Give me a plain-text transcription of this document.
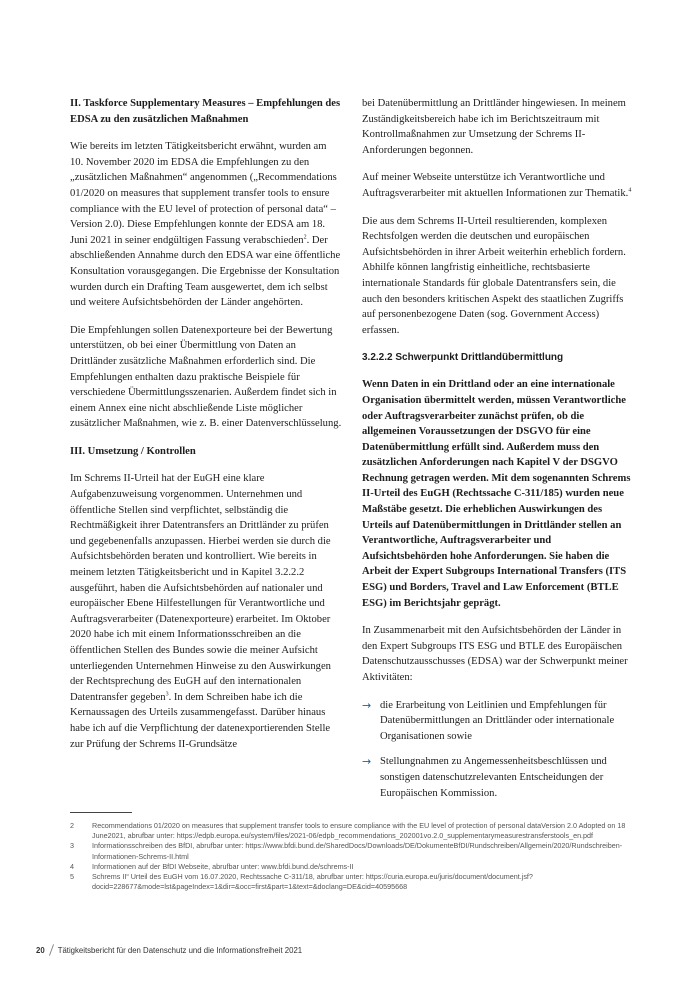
II. Taskforce Supplementary Measures – Empfehlungen des EDSA zu den zusätzlichen Maßnahmen

Wie bereits im letzten Tätigkeitsbericht erwähnt, wurden am 10. November 2020 im EDSA die Empfehlungen zu den „zusätzlichen Maßnahmen“ angenommen („Recommendations 01/2020 on measures that supplement transfer tools to ensure compliance with the EU level of protection of personal data“ – Version 2.0). Diese Empfehlungen konnte der EDSA am 18. Juni 2021 in seiner endgültigen Fassung verabschieden$^2$. Der abschließenden Annahme durch den EDSA war eine öffentliche Konsultation vorausgegangen. Die Ergebnisse der Konsultation wurden durch ein Drafting Team ausgewertet, dem ich selbst und weitere Aufsichtsbehörden der Länder angehörten.

Die Empfehlungen sollen Datenexporteure bei der Bewertung unterstützen, ob bei einer Übermittlung von Daten an Drittländer zusätzliche Maßnahmen erforderlich sind. Die Empfehlungen enthalten dazu praktische Beispiele für verschiedene Übermittlungsszenarien. Außerdem findet sich in einem Annex eine nicht abschließende Liste möglicher zusätzlicher Maßnahmen, wie z. B. einer Datenverschlüsselung.

III. Umsetzung / Kontrollen

Im Schrems II-Urteil hat der EuGH eine klare Aufgabenzuweisung vorgenommen. Unternehmen und öffentliche Stellen sind verpflichtet, selbständig die Rechtmäßigkeit ihrer Datentransfers an Drittländer zu prüfen und gegebenenfalls anzupassen. Hierbei werden sie durch die Aufsichtsbehörden beraten und kontrolliert. Wie bereits in meinem letzten Tätigkeitsbericht und in Kapitel 3.2.2.2 ausgeführt, haben die Aufsichtsbehörden auf nationaler und europäischer Ebene Hilfestellungen für Verantwortliche und Auftragsverarbeiter (Datenexporteure) erarbeitet. Im Oktober 2020 habe ich mit einem Informationsschreiben an die öffentlichen Stellen des Bundes sowie die meiner Aufsicht unterliegenden Unternehmen Hinweise zu den Auswirkungen der Rechtsprechung des EuGH auf den internationalen Datentransfer gegeben$^3$. In dem Schreiben habe ich die Kernaussagen des Urteils zusammengefasst. Darüber hinaus habe ich auf die Verpflichtung der datenexportierenden Stelle zur Prüfung der Schrems II-Grundsätze

bei Datenübermittlung an Drittländer hingewiesen. In meinem Zuständigkeitsbereich habe ich im Berichtszeitraum mit Kontrollmaßnahmen zur Umsetzung der Schrems II-Anforderungen begonnen.

Auf meiner Webseite unterstütze ich Verantwortliche und Auftragsverarbeiter mit aktuellen Informationen zur Thematik.$^4$

Die aus dem Schrems II-Urteil resultierenden, komplexen Rechtsfolgen werden die deutschen und europäischen Aufsichtsbehörden in ihrer Arbeit weiterhin erheblich fordern. Abhilfe können langfristig einheitliche, rechtsbasierte internationale Standards für globale Datentransfers sein, die auch den besonders kritischen Aspekt des staatlichen Zugriffs auf personenbezogene Daten (sog. Government Access) erfassen.

3.2.2.2 Schwerpunkt Drittlandübermittlung

Wenn Daten in ein Drittland oder an eine internationale Organisation übermittelt werden, müssen Verantwortliche oder Auftragsverarbeiter zunächst prüfen, ob die allgemeinen Voraussetzungen der DSGVO für eine Datenübermittlung erfüllt sind. Außerdem muss den zusätzlichen Anforderungen nach Kapitel V der DSGVO Rechnung getragen werden. Mit dem sogenannten Schrems II-Urteil des EuGH (Rechtssache C-311/185) wurden neue Maßstäbe gesetzt. Die erheblichen Auswirkungen des Urteils auf Datenübermittlungen in Drittländer stellen an Verantwortliche, Auftragsverarbeiter und Aufsichtsbehörden hohe Anforderungen. Sie haben die Arbeit der Expert Subgroups International Transfers (ITS ESG) und Borders, Travel and Law Enforcement (BTLE ESG) im Berichtsjahr geprägt.

In Zusammenarbeit mit den Aufsichtsbehörden der Länder in den Expert Subgroups ITS ESG und BTLE des Europäischen Datenschutzausschusses (EDSA) war der Schwerpunkt meiner Aktivitäten:

→ die Erarbeitung von Leitlinien und Empfehlungen für Datenübermittlungen an Drittländer oder internationale Organisationen sowie
→ Stellungnahmen zu Angemessenheitsbeschlüssen und sonstigen datenschutzrelevanten Entscheidungen der Europäischen Kommission.
2	Recommendations 01/2020 on measures that supplement transfer tools to ensure compliance with the EU level of protection of personal dataVersion 2.0 Adopted on 18 June2021, abrufbar unter: https://edpb.europa.eu/system/files/2021-06/edpb_recommendations_202001vo.2.0_supplementarymeasurestransferstools_en.pdf
3	Informationsschreiben des BfDI, abrufbar unter: https://www.bfdi.bund.de/SharedDocs/Downloads/DE/DokumenteBfDI/Rundschreiben/Allgemein/2020/Rundschreiben-Informationen-Schrems-II.html
4	Informationen auf der BfDI Webseite, abrufbar unter: www.bfdi.bund.de/schrems-II
5	Schrems II“ Urteil des EuGH vom 16.07.2020, Rechtssache C-311/18, abrufbar unter: https://curia.europa.eu/juris/document/document.jsf?docid=228677&mode=lst&pageIndex=1&dir=&occ=first&part=1&text=&doclang=DE&cid=40595668
20 Tätigkeitsbericht für den Datenschutz und die Informationsfreiheit 2021
